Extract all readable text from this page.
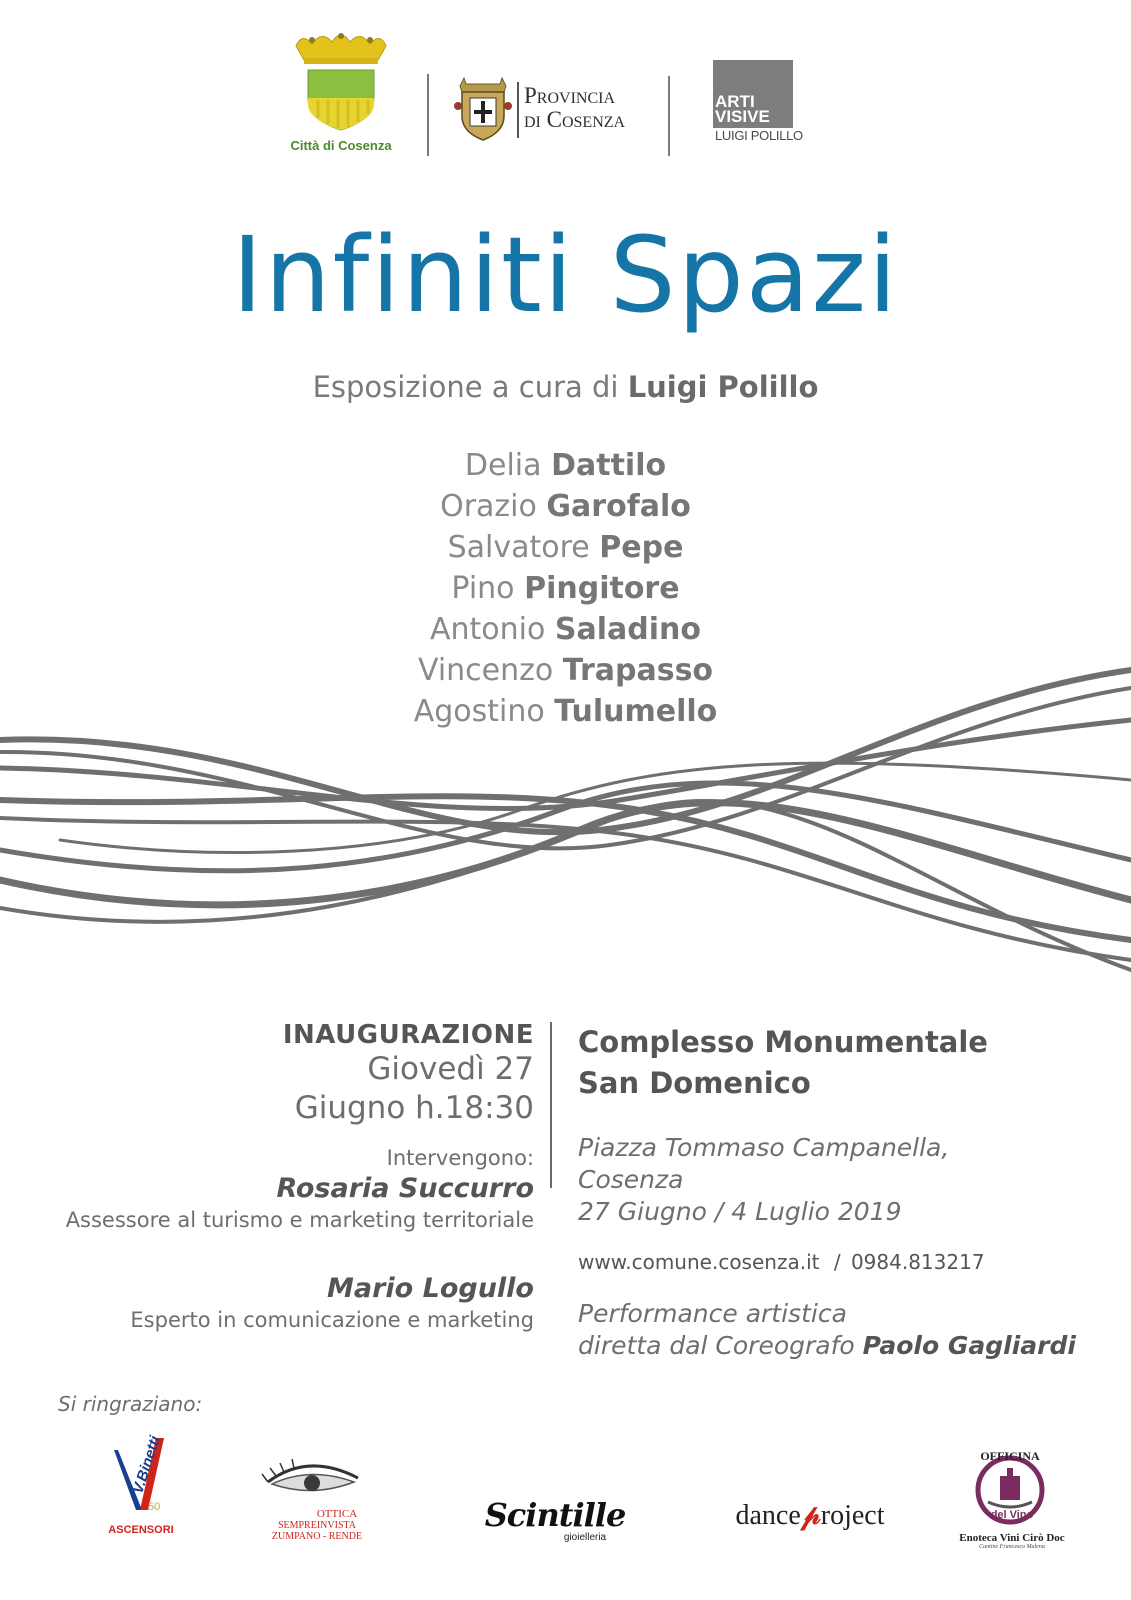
Città di Cosenza
Provincia
di Cosenza
ARTI
VISIVE
LUIGI POLILLO
Infiniti Spazi
Esposizione a cura di Luigi Polillo
Delia Dattilo
Orazio Garofalo
Salvatore Pepe
Pino Pingitore
Antonio Saladino
Vincenzo Trapasso
Agostino Tulumello
INAUGURAZIONE
Giovedì 27
Giugno h.18:30
Intervengono:
Rosaria Succurro
Assessore al turismo e marketing territoriale
Mario Logullo
Esperto in comunicazione e marketing
Complesso Monumentale
San Domenico
Piazza Tommaso Campanella,
Cosenza
27 Giugno / 4 Luglio 2019
www.comune.cosenza.it / 0984.813217
Performance artistica
diretta dal Coreografo Paolo Gagliardi
Si ringraziano:
V.Binetti
50
ASCENSORI
OTTICA
SEMPREINVISTA
ZUMPANO - RENDE
Scintille
gioielleria
dance𝓅roject
OFFICINA
del Vino
Enoteca Vini Cirò Doc
Cantine Francesco Malena
